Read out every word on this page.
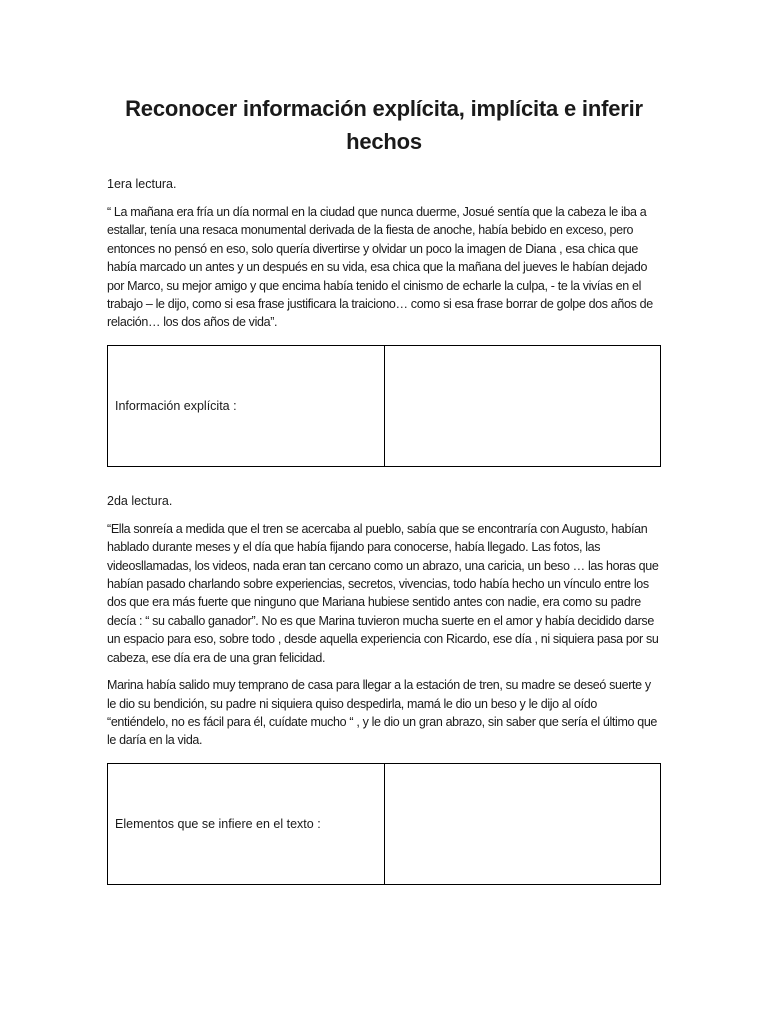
Reconocer información explícita, implícita e inferir hechos
1era lectura.

“ La mañana era fría un día normal en la ciudad que nunca duerme, Josué sentía que la cabeza le iba a estallar, tenía una resaca monumental derivada de la fiesta de anoche, había bebido en exceso, pero entonces no pensó en eso, solo quería divertirse y olvidar un poco la imagen de Diana , esa chica que había marcado un antes y un después en su vida, esa chica que la mañana del jueves le habían dejado por Marco, su mejor amigo y que encima había tenido el cinismo de echarle la culpa, - te la vivías en el trabajo – le dijo, como si esa frase justificara la traiciono… como si esa frase borrar de golpe dos años de relación… los dos años de vida”.

Información explícita :
2da lectura.

“Ella sonreía a medida que el tren se acercaba al pueblo, sabía que se encontraría con Augusto, habían hablado durante meses y el día que había fijando para conocerse, había llegado. Las fotos, las videosllamadas, los videos, nada eran tan cercano como un abrazo, una caricia, un beso … las horas que habían pasado charlando sobre experiencias, secretos, vivencias, todo había hecho un vínculo entre los dos que era más fuerte que ninguno que Mariana hubiese sentido antes con nadie, era como su padre decía : “ su caballo ganador”. No es que Marina tuvieron mucha suerte en el amor y había decidido darse un espacio para eso, sobre todo , desde aquella experiencia con Ricardo, ese día , ni siquiera pasa por su cabeza, ese día era de una gran felicidad.

Marina había salido muy temprano de casa para llegar a la estación de tren, su madre se deseó suerte y le dio su bendición, su padre ni siquiera quiso despedirla, mamá le dio un beso y le dijo al oído “entiéndelo, no es fácil para él, cuídate mucho “ , y le dio un gran abrazo, sin saber que sería el último que le daría en la vida.

Elementos que se infiere en el texto :
